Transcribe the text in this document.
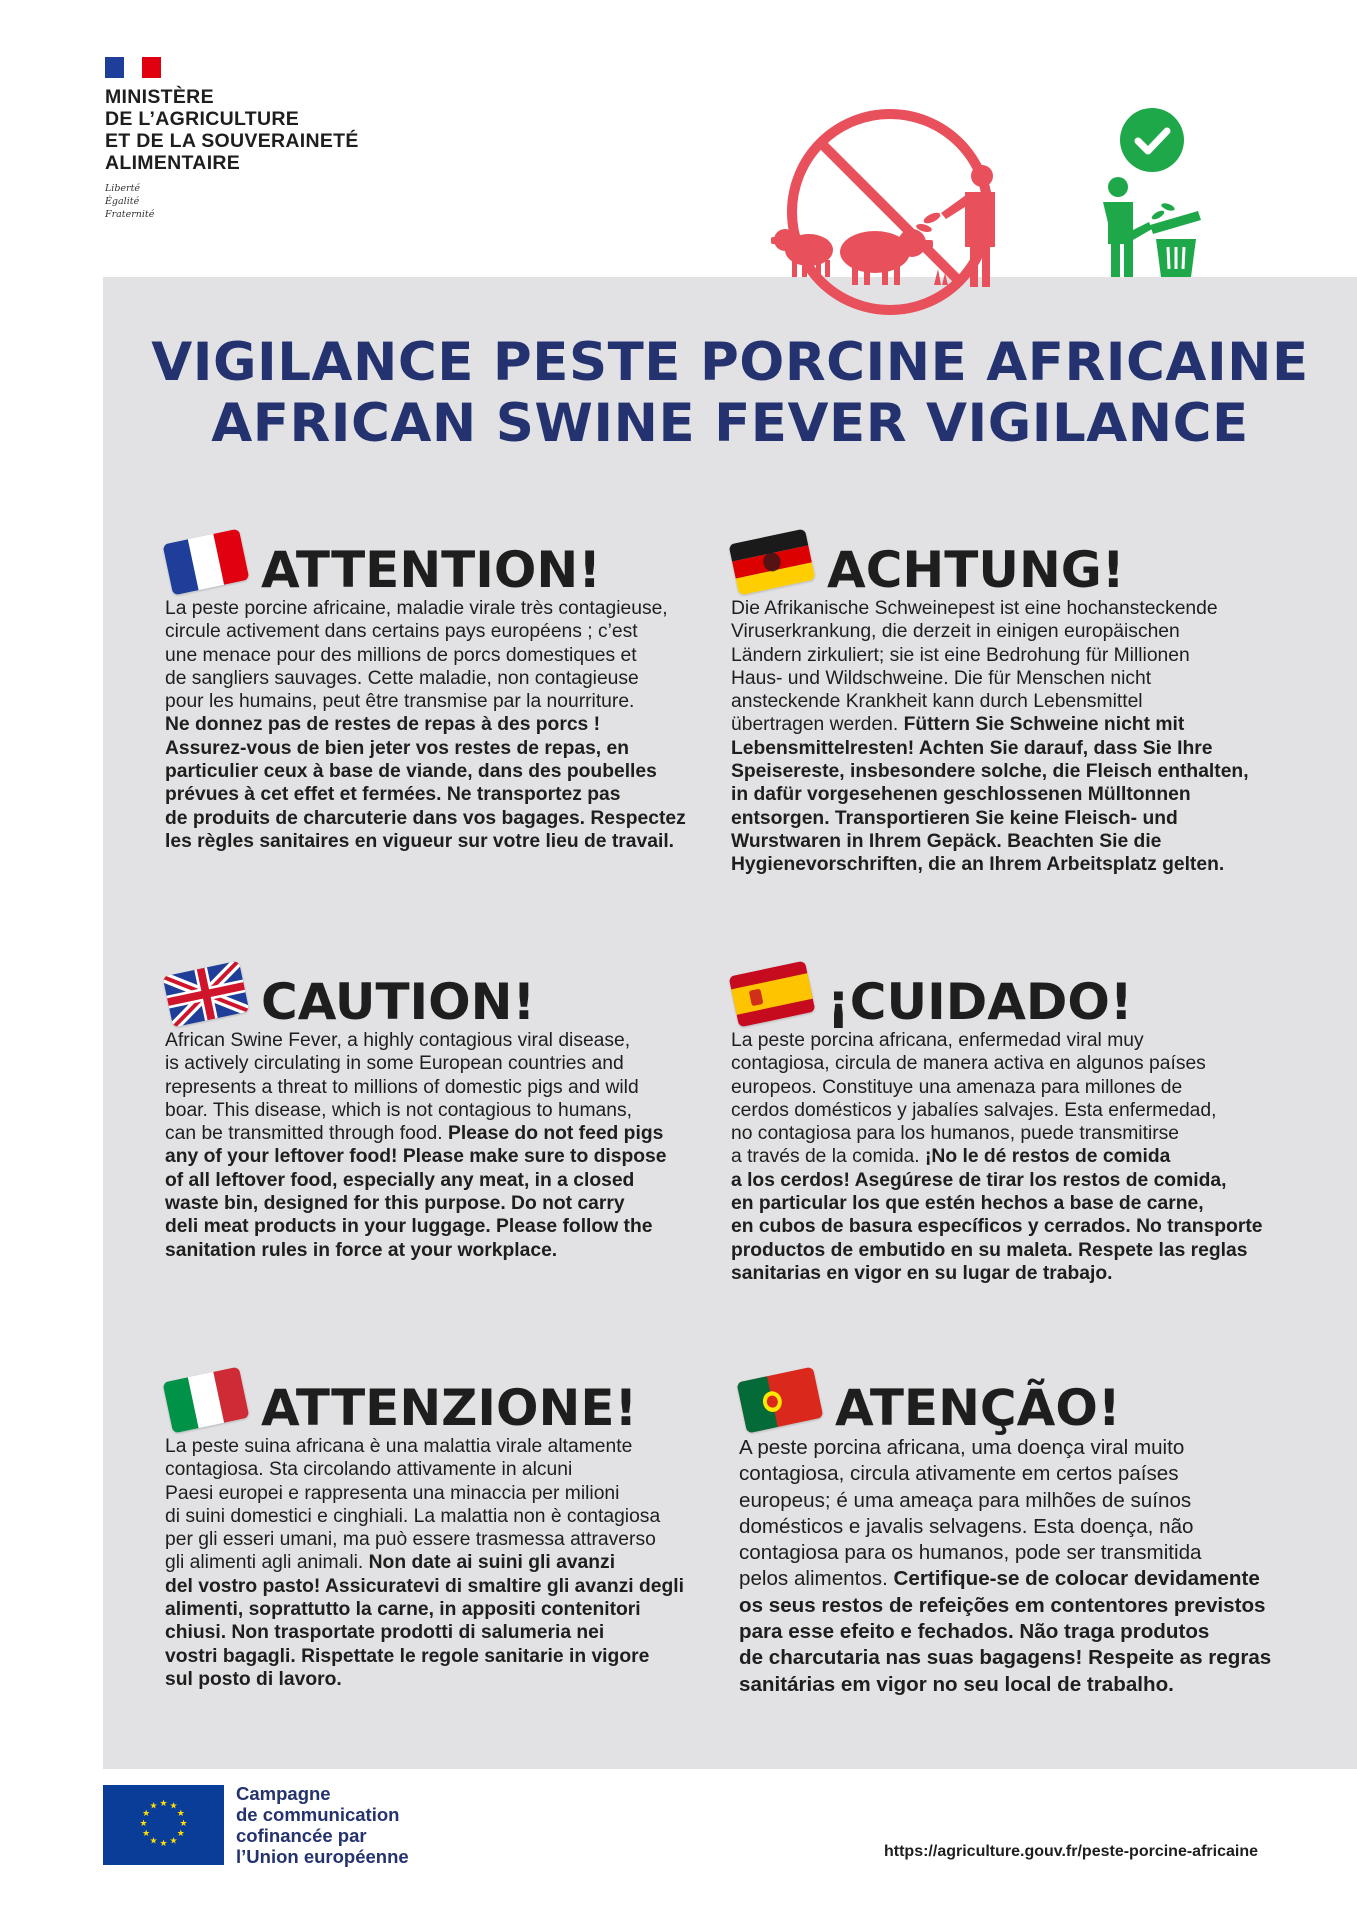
MINISTÈRE
DE L’AGRICULTURE
ET DE LA SOUVERAINETÉ
ALIMENTAIRE
Liberté
Égalité
Fraternité
VIGILANCE PESTE PORCINE AFRICAINE
AFRICAN SWINE FEVER VIGILANCE
ATTENTION!
La peste porcine africaine, maladie virale très contagieuse,
circule activement dans certains pays européens ; c’est
une menace pour des millions de porcs domestiques et
de sangliers sauvages. Cette maladie, non contagieuse
pour les humains, peut être transmise par la nourriture.
Ne donnez pas de restes de repas à des porcs !
Assurez-vous de bien jeter vos restes de repas, en
particulier ceux à base de viande, dans des poubelles
prévues à cet effet et fermées. Ne transportez pas
de produits de charcuterie dans vos bagages. Respectez
les règles sanitaires en vigueur sur votre lieu de travail.
ACHTUNG!
Die Afrikanische Schweinepest ist eine hochansteckende
Viruserkrankung, die derzeit in einigen europäischen
Ländern zirkuliert; sie ist eine Bedrohung für Millionen
Haus- und Wildschweine. Die für Menschen nicht
ansteckende Krankheit kann durch Lebensmittel
übertragen werden. Füttern Sie Schweine nicht mit
Lebensmittelresten! Achten Sie darauf, dass Sie Ihre
Speisereste, insbesondere solche, die Fleisch enthalten,
in dafür vorgesehenen geschlossenen Mülltonnen
entsorgen. Transportieren Sie keine Fleisch- und
Wurstwaren in Ihrem Gepäck. Beachten Sie die
Hygienevorschriften, die an Ihrem Arbeitsplatz gelten.
CAUTION!
African Swine Fever, a highly contagious viral disease,
is actively circulating in some European countries and
represents a threat to millions of domestic pigs and wild
boar. This disease, which is not contagious to humans,
can be transmitted through food. Please do not feed pigs
any of your leftover food! Please make sure to dispose
of all leftover food, especially any meat, in a closed
waste bin, designed for this purpose. Do not carry
deli meat products in your luggage. Please follow the
sanitation rules in force at your workplace.
¡CUIDADO!
La peste porcina africana, enfermedad viral muy
contagiosa, circula de manera activa en algunos países
europeos. Constituye una amenaza para millones de
cerdos domésticos y jabalíes salvajes. Esta enfermedad,
no contagiosa para los humanos, puede transmitirse
a través de la comida. ¡No le dé restos de comida
a los cerdos! Asegúrese de tirar los restos de comida,
en particular los que estén hechos a base de carne,
en cubos de basura específicos y cerrados. No transporte
productos de embutido en su maleta. Respete las reglas
sanitarias en vigor en su lugar de trabajo.
ATTENZIONE!
La peste suina africana è una malattia virale altamente
contagiosa. Sta circolando attivamente in alcuni
Paesi europei e rappresenta una minaccia per milioni
di suini domestici e cinghiali. La malattia non è contagiosa
per gli esseri umani, ma può essere trasmessa attraverso
gli alimenti agli animali. Non date ai suini gli avanzi
del vostro pasto! Assicuratevi di smaltire gli avanzi degli
alimenti, soprattutto la carne, in appositi contenitori
chiusi. Non trasportate prodotti di salumeria nei
vostri bagagli. Rispettate le regole sanitarie in vigore
sul posto di lavoro.
ATENÇÃO!
A peste porcina africana, uma doença viral muito
contagiosa, circula ativamente em certos países
europeus; é uma ameaça para milhões de suínos
domésticos e javalis selvagens. Esta doença, não
contagiosa para os humanos, pode ser transmitida
pelos alimentos. Certifique-se de colocar devidamente
os seus restos de refeições em contentores previstos
para esse efeito e fechados. Não traga produtos
de charcutaria nas suas bagagens! Respeite as regras
sanitárias em vigor no seu local de trabalho.
★ ★
★
★
★
★
★
★
★
★
★
★
Campagne
de communication
cofinancée par
l’Union européenne	https://agriculture.gouv.fr/peste-porcine-africaine
